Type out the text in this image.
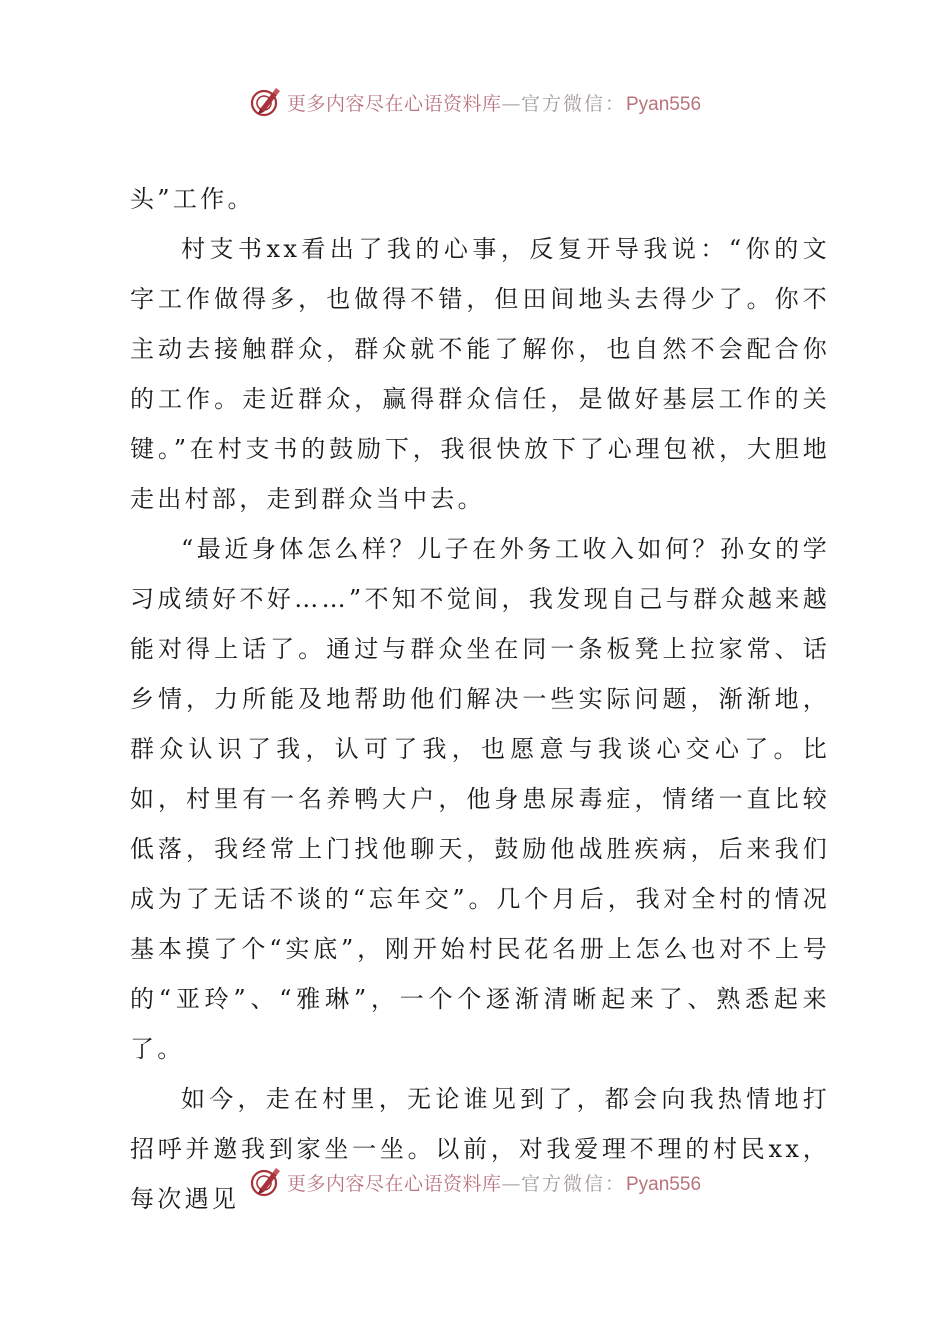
更多内容尽在心语资料库—官方微信：Pyan556

头”工作。

村支书xx看出了我的心事，反复开导我说：“你的文字工作做得多，也做得不错，但田间地头去得少了。你不主动去接触群众，群众就不能了解你，也自然不会配合你的工作。走近群众，赢得群众信任，是做好基层工作的关键。”在村支书的鼓励下，我很快放下了心理包袱，大胆地走出村部，走到群众当中去。

“最近身体怎么样？儿子在外务工收入如何？孙女的学习成绩好不好……”不知不觉间，我发现自己与群众越来越能对得上话了。通过与群众坐在同一条板凳上拉家常、话乡情，力所能及地帮助他们解决一些实际问题，渐渐地，群众认识了我，认可了我，也愿意与我谈心交心了。比如，村里有一名养鸭大户，他身患尿毒症，情绪一直比较低落，我经常上门找他聊天，鼓励他战胜疾病，后来我们成为了无话不谈的“忘年交”。几个月后，我对全村的情况基本摸了个“实底”，刚开始村民花名册上怎么也对不上号的“亚玲”、“雅琳”，一个个逐渐清晰起来了、熟悉起来了。

如今，走在村里，无论谁见到了，都会向我热情地打招呼并邀我到家坐一坐。以前，对我爱理不理的村民xx，每次遇见

更多内容尽在心语资料库—官方微信：Pyan556
